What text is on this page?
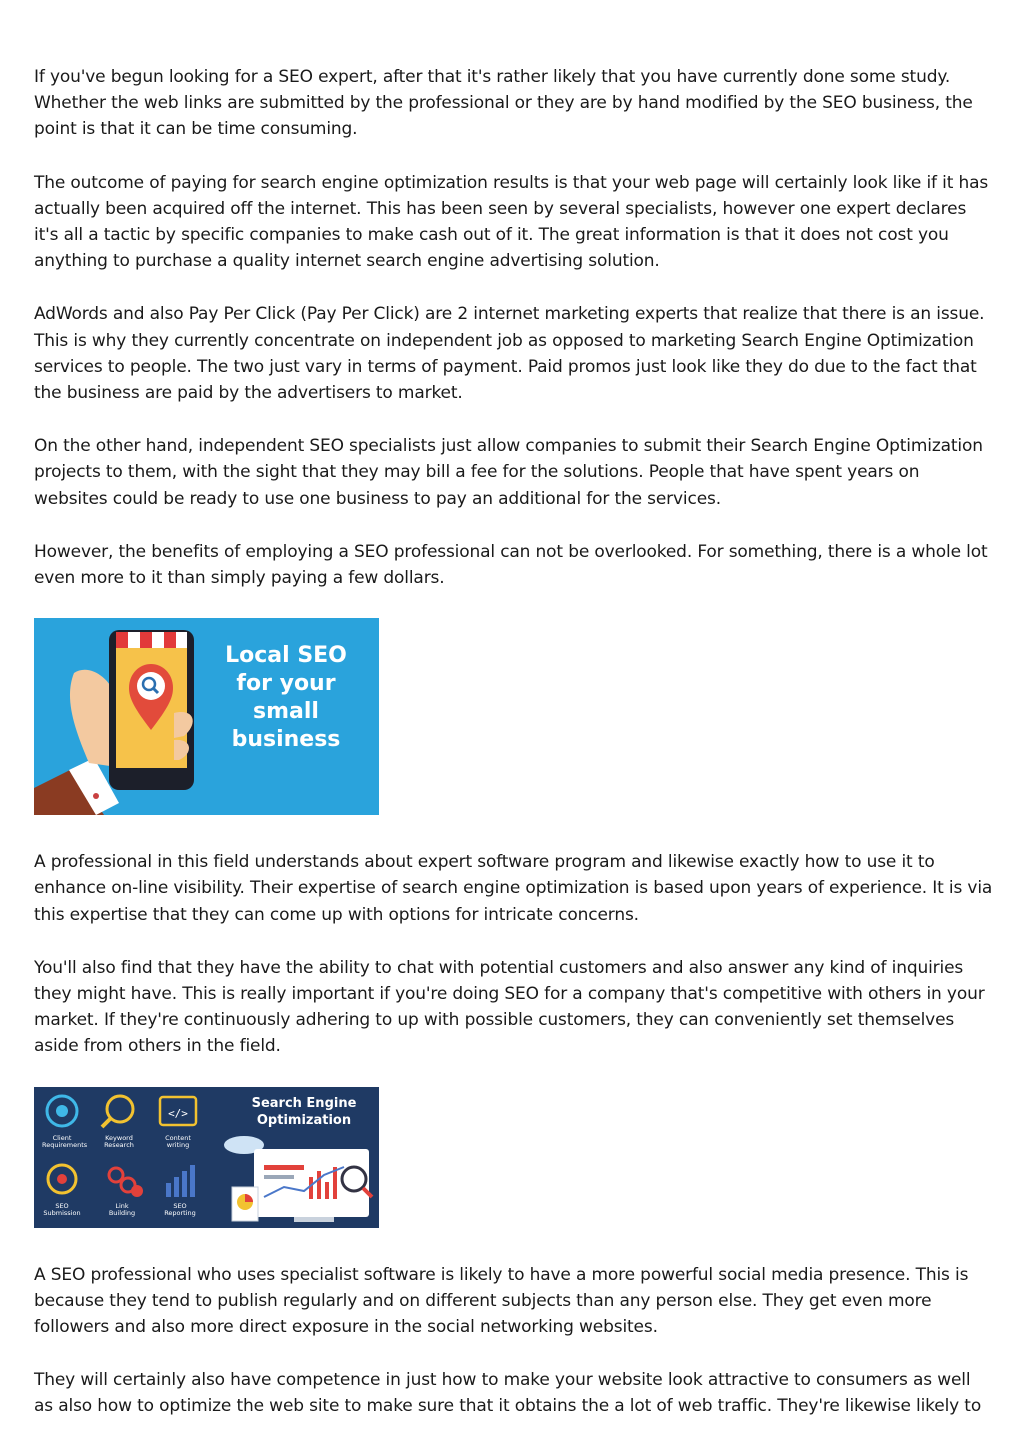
If you've begun looking for a SEO expert, after that it's rather likely that you have currently done some study. Whether the web links are submitted by the professional or they are by hand modified by the SEO business, the point is that it can be time consuming.

The outcome of paying for search engine optimization results is that your web page will certainly look like if it has actually been acquired off the internet. This has been seen by several specialists, however one expert declares it's all a tactic by specific companies to make cash out of it. The great information is that it does not cost you anything to purchase a quality internet search engine advertising solution.

AdWords and also Pay Per Click (Pay Per Click) are 2 internet marketing experts that realize that there is an issue. This is why they currently concentrate on independent job as opposed to marketing Search Engine Optimization services to people. The two just vary in terms of payment. Paid promos just look like they do due to the fact that the business are paid by the advertisers to market.

On the other hand, independent SEO specialists just allow companies to submit their Search Engine Optimization projects to them, with the sight that they may bill a fee for the solutions. People that have spent years on websites could be ready to use one business to pay an additional for the services.

However, the benefits of employing a SEO professional can not be overlooked. For something, there is a whole lot even more to it than simply paying a few dollars.

Local SEO
for your
small
business

A professional in this field understands about expert software program and likewise exactly how to use it to enhance on-line visibility. Their expertise of search engine optimization is based upon years of experience. It is via this expertise that they can come up with options for intricate concerns.

You'll also find that they have the ability to chat with potential customers and also answer any kind of inquiries they might have. This is really important if you're doing SEO for a company that's competitive with others in your market. If they're continuously adhering to up with possible customers, they can conveniently set themselves aside from others in the field.

</>
Search Engine
Optimization
Client Requirements
Keyword Research
Content writing
SEO Submission
Link Building
SEO Reporting

A SEO professional who uses specialist software is likely to have a more powerful social media presence. This is because they tend to publish regularly and on different subjects than any person else. They get even more followers and also more direct exposure in the social networking websites.

They will certainly also have competence in just how to make your website look attractive to consumers as well as also how to optimize the web site to make sure that it obtains the a lot of web traffic. They're likewise likely to
